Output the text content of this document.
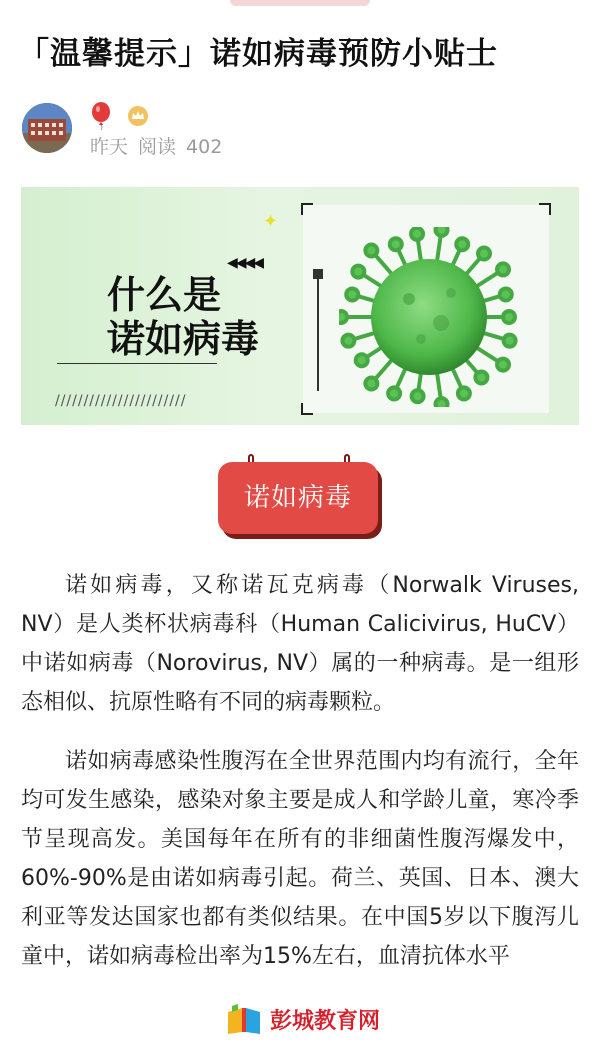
「温馨提示」诺如病毒预防小贴士
昨天 阅读 402
✦
◀◀◀◀
什么是
诺如病毒
///////////////////////
诺如病毒

诺如病毒，又称诺瓦克病毒（Norwalk Viruses, NV）是人类杯状病毒科（Human Calicivirus, HuCV）中诺如病毒（Norovirus, NV）属的一种病毒。是一组形态相似、抗原性略有不同的病毒颗粒。

诺如病毒感染性腹泻在全世界范围内均有流行，全年均可发生感染，感染对象主要是成人和学龄儿童，寒冷季节呈现高发。美国每年在所有的非细菌性腹泻爆发中，60%-90%是由诺如病毒引起。荷兰、英国、日本、澳大利亚等发达国家也都有类似结果。在中国5岁以下腹泻儿童中，诺如病毒检出率为15%左右，血清抗体水平

彭城教育网
